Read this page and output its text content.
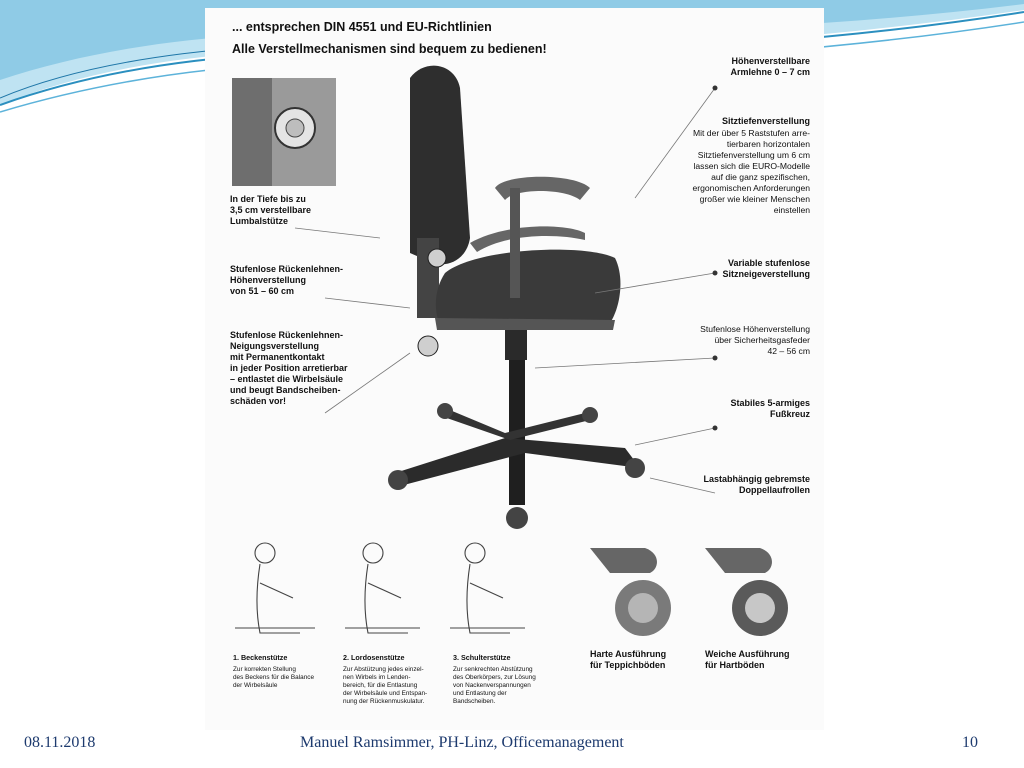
... entsprechen DIN 4551 und EU-Richtlinien

Alle Verstellmechanismen sind bequem zu bedienen!

In der Tiefe bis zu
3,5 cm verstellbare
Lumbalstütze

Stufenlose Rückenlehnen-
Höhenverstellung
von 51 – 60 cm

Stufenlose Rückenlehnen-
Neigungsverstellung
mit Permanentkontakt
in jeder Position arretierbar
– entlastet die Wirbelsäule
und beugt Bandscheiben-
schäden vor!

Höhenverstellbare
Armlehne 0 – 7 cm

Sitztiefenverstellung

Mit der über 5 Raststufen arre-
tierbaren horizontalen
Sitztiefenverstellung um 6 cm
lassen sich die EURO-Modelle
auf die ganz spezifischen,
ergonomischen Anforderungen
großer wie kleiner Menschen
einstellen

Variable stufenlose
Sitzneigeverstellung

Stufenlose Höhenverstellung
über Sicherheitsgasfeder
42 – 56 cm

Stabiles 5-armiges
Fußkreuz

Lastabhängig gebremste
Doppellaufrollen

1. Beckenstütze

Zur korrekten Stellung
des Beckens für die Balance
der Wirbelsäule

2. Lordosenstütze

Zur Abstützung jedes einzel-
nen Wirbels im Lenden-
bereich, für die Entlastung
der Wirbelsäule und Entspan-
nung der Rückenmuskulatur.

3. Schulterstütze

Zur senkrechten Abstützung
des Oberkörpers, zur Lösung
von Nackenverspannungen
und Entlastung der
Bandscheiben.

Harte Ausführung
für Teppichböden

Weiche Ausführung
für Hartböden

08.11.2018	Manuel Ramsimmer, PH-Linz, Officemanagement	10
